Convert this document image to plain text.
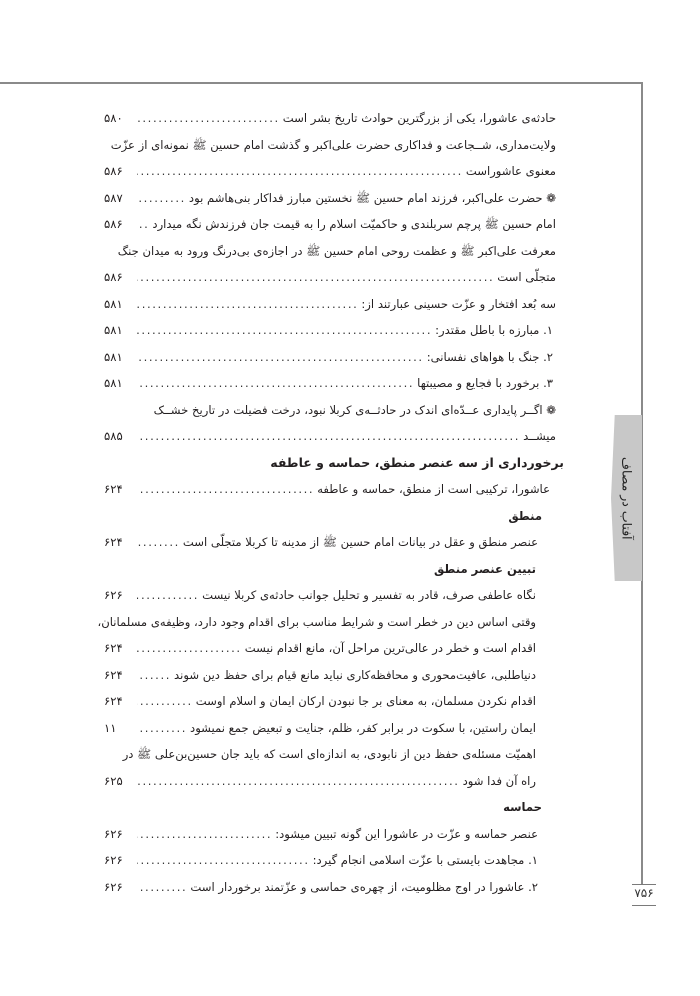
۷۵۶
آفتاب در مصاف
حادثه‌ی عاشورا، یکی از بزرگترین حوادث تاریخ بشر است
.....
۵۸۰
ولایت‌مداری، شــجاعت و فداکاری حضرت علی‌اکبر و گذشت امام حسین ﷺ نمونه‌ای از عزّت
معنوی عاشوراست
.....
۵۸۶
❁ حضرت علی‌اکبر، فرزند امام حسین ﷺ نخستین مبارز فداکار بنی‌هاشم بود
.....
۵۸۷
امام حسین ﷺ پرچم سربلندی و حاکمیّت اسلام را به قیمت جان فرزندش نگه میدارد
.....
۵۸۶
معرفت علی‌اکبر ﷺ و عظمت روحی امام حسین ﷺ در اجازه‌ی بی‌درنگ ورود به میدان جنگ
متجلّی است
.....
۵۸۶
سه بُعد افتخار و عزّت حسینی عبارتند از:
.....
۵۸۱
۱. مبارزه با باطل مقتدر:
.....
۵۸۱
۲. جنگ با هواهای نفسانی:
.....
۵۸۱
۳. برخورد با فجایع و مصیبتها
.....
۵۸۱
❁ اگــر پایداری عــدّه‌ای اندک در حادثــه‌ی کربلا نبود، درخت فضیلت در تاریخ خشــک
میشــد
.....
۵۸۵
برخورداری از سه عنصر منطق، حماسه و عاطفه
عاشورا، ترکیبی است از منطق، حماسه و عاطفه
.....
۶۲۴
منطق
عنصر منطق و عقل در بیانات امام حسین ﷺ از مدینه تا کربلا متجلّی است
.....
۶۲۴
تبیین عنصر منطق
نگاه عاطفی صرف، قادر به تفسیر و تحلیل جوانب حادثه‌ی کربلا نیست
.....
۶۲۶
وقتی اساس دین در خطر است و شرایط مناسب برای اقدام وجود دارد، وظیفه‌ی مسلمانان،
اقدام است و خطر در عالی‌ترین مراحل آن، مانع اقدام نیست
.....
۶۲۴
دنیاطلبی، عافیت‌محوری و محافظه‌کاری نباید مانع قیام برای حفظ دین شوند
.....
۶۲۴
اقدام نکردن مسلمان، به معنای بر جا نبودن ارکان ایمان و اسلام اوست
.....
۶۲۴
ایمان راستین، با سکوت در برابر کفر، ظلم، جنایت و تبعیض جمع نمیشود
.....
۱۱
اهمیّت مسئله‌ی حفظ دین از نابودی، به اندازه‌ای است که باید جان حسین‌بن‌علی ﷺ در
راه آن فدا شود
.....
۶۲۵
حماسه
عنصر حماسه و عزّت در عاشورا این گونه تبیین میشود:
.....
۶۲۶
۱. مجاهدت بایستی با عزّت اسلامی انجام گیرد:
.....
۶۲۶
۲. عاشورا در اوج مظلومیت، از چهره‌ی حماسی و عزّتمند برخوردار است
.....
۶۲۶
